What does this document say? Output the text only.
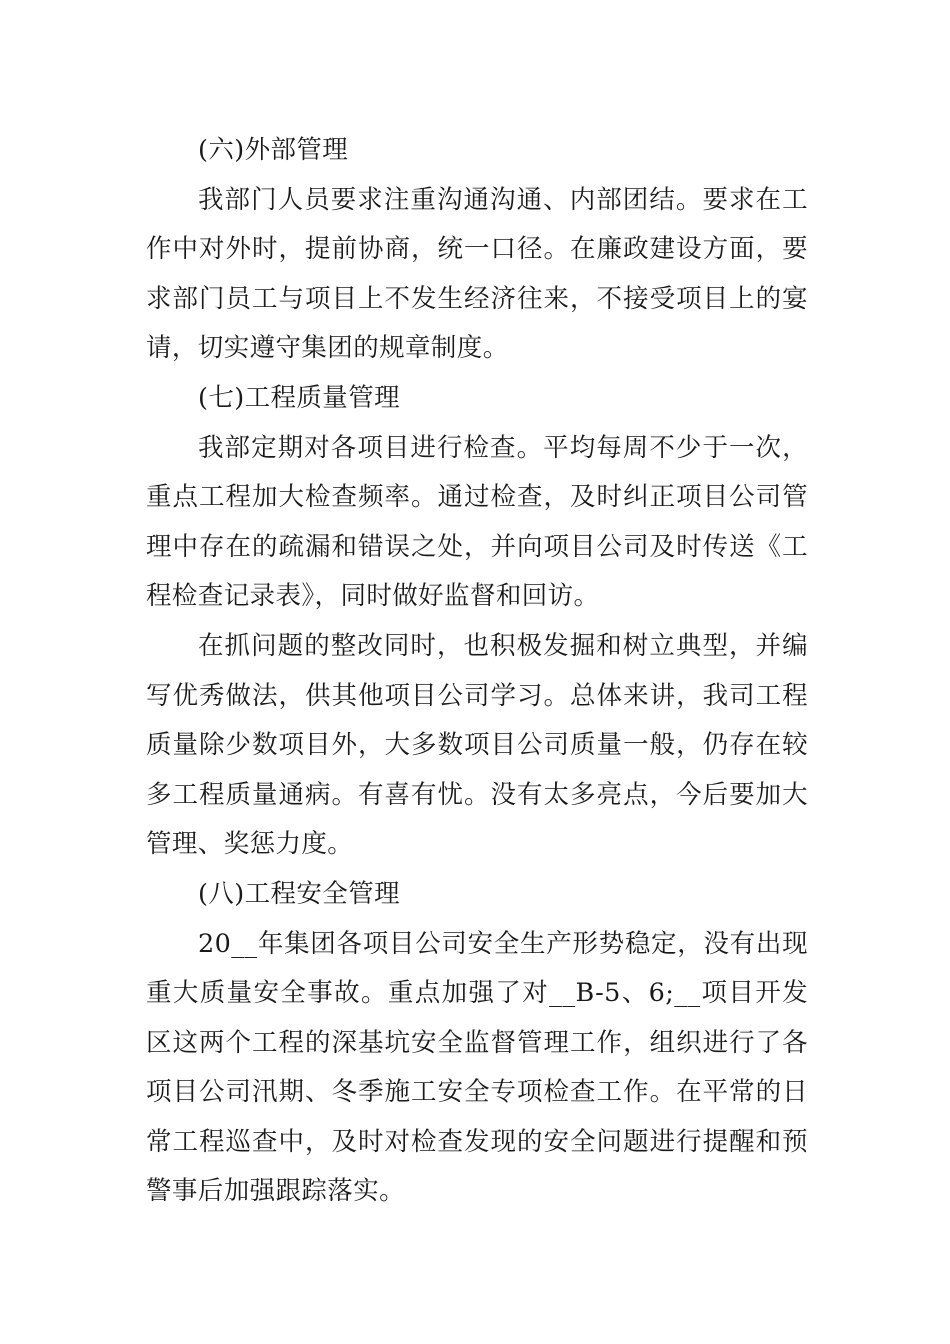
(六)外部管理

我部门人员要求注重沟通沟通、内部团结。要求在工作中对外时，提前协商，统一口径。在廉政建设方面，要求部门员工与项目上不发生经济往来，不接受项目上的宴请，切实遵守集团的规章制度。

(七)工程质量管理

我部定期对各项目进行检查。平均每周不少于一次，重点工程加大检查频率。通过检查，及时纠正项目公司管理中存在的疏漏和错误之处，并向项目公司及时传送《工程检查记录表》，同时做好监督和回访。

在抓问题的整改同时，也积极发掘和树立典型，并编写优秀做法，供其他项目公司学习。总体来讲，我司工程质量除少数项目外，大多数项目公司质量一般，仍存在较多工程质量通病。有喜有忧。没有太多亮点，今后要加大管理、奖惩力度。

(八)工程安全管理

20__年集团各项目公司安全生产形势稳定，没有出现重大质量安全事故。重点加强了对__B-5、6;__项目开发区这两个工程的深基坑安全监督管理工作，组织进行了各项目公司汛期、冬季施工安全专项检查工作。在平常的日常工程巡查中，及时对检查发现的安全问题进行提醒和预警事后加强跟踪落实。
